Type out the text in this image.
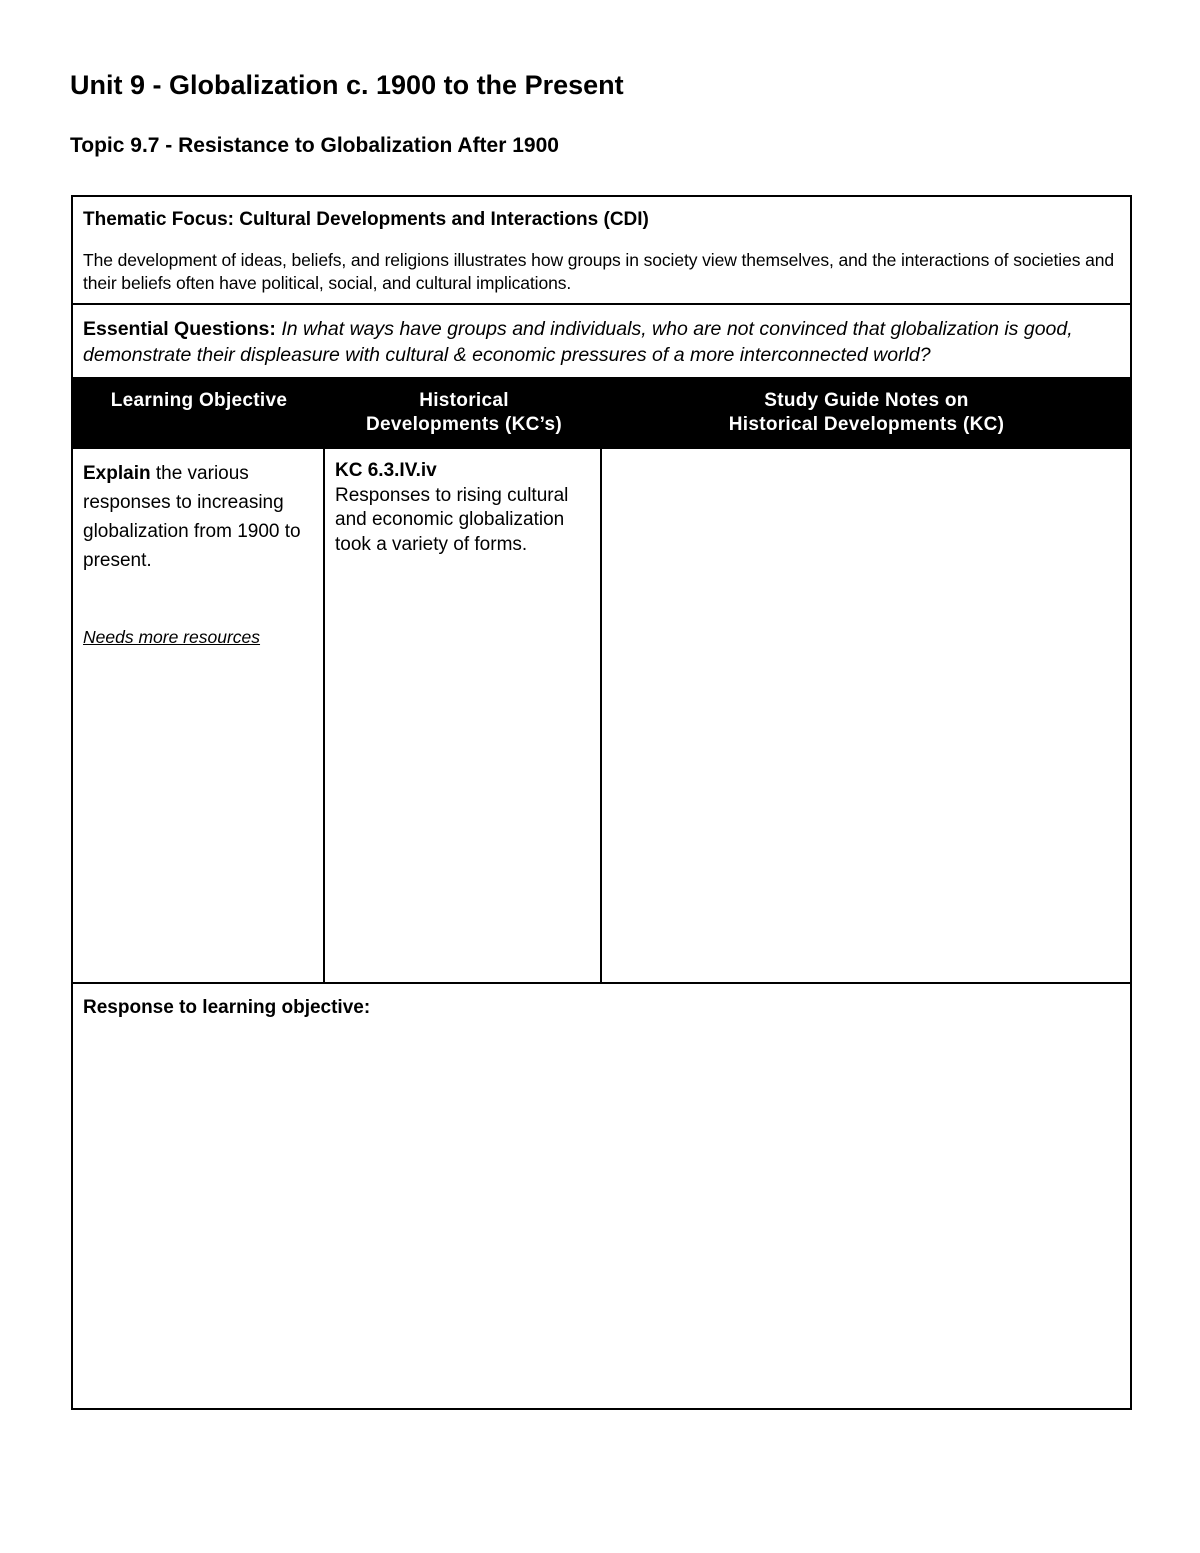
Unit 9 - Globalization c. 1900 to the Present
Topic 9.7 - Resistance to Globalization After 1900

Thematic Focus: Cultural Developments and Interactions (CDI)

The development of ideas, beliefs, and religions illustrates how groups in society view themselves, and the interactions of societies and their beliefs often have political, social, and cultural implications.

Essential Questions: In what ways have groups and individuals, who are not convinced that globalization is good, demonstrate their displeasure with cultural & economic pressures of a more interconnected world?
Learning Objective	Historical
Developments (KC’s)
Study Guide Notes on
Historical Developments (KC)
Explain the various responses to increasing globalization from 1900 to present.
Needs more resources
KC 6.3.IV.iv
Responses to rising cultural and economic globalization took a variety of forms.
Response to learning objective:
